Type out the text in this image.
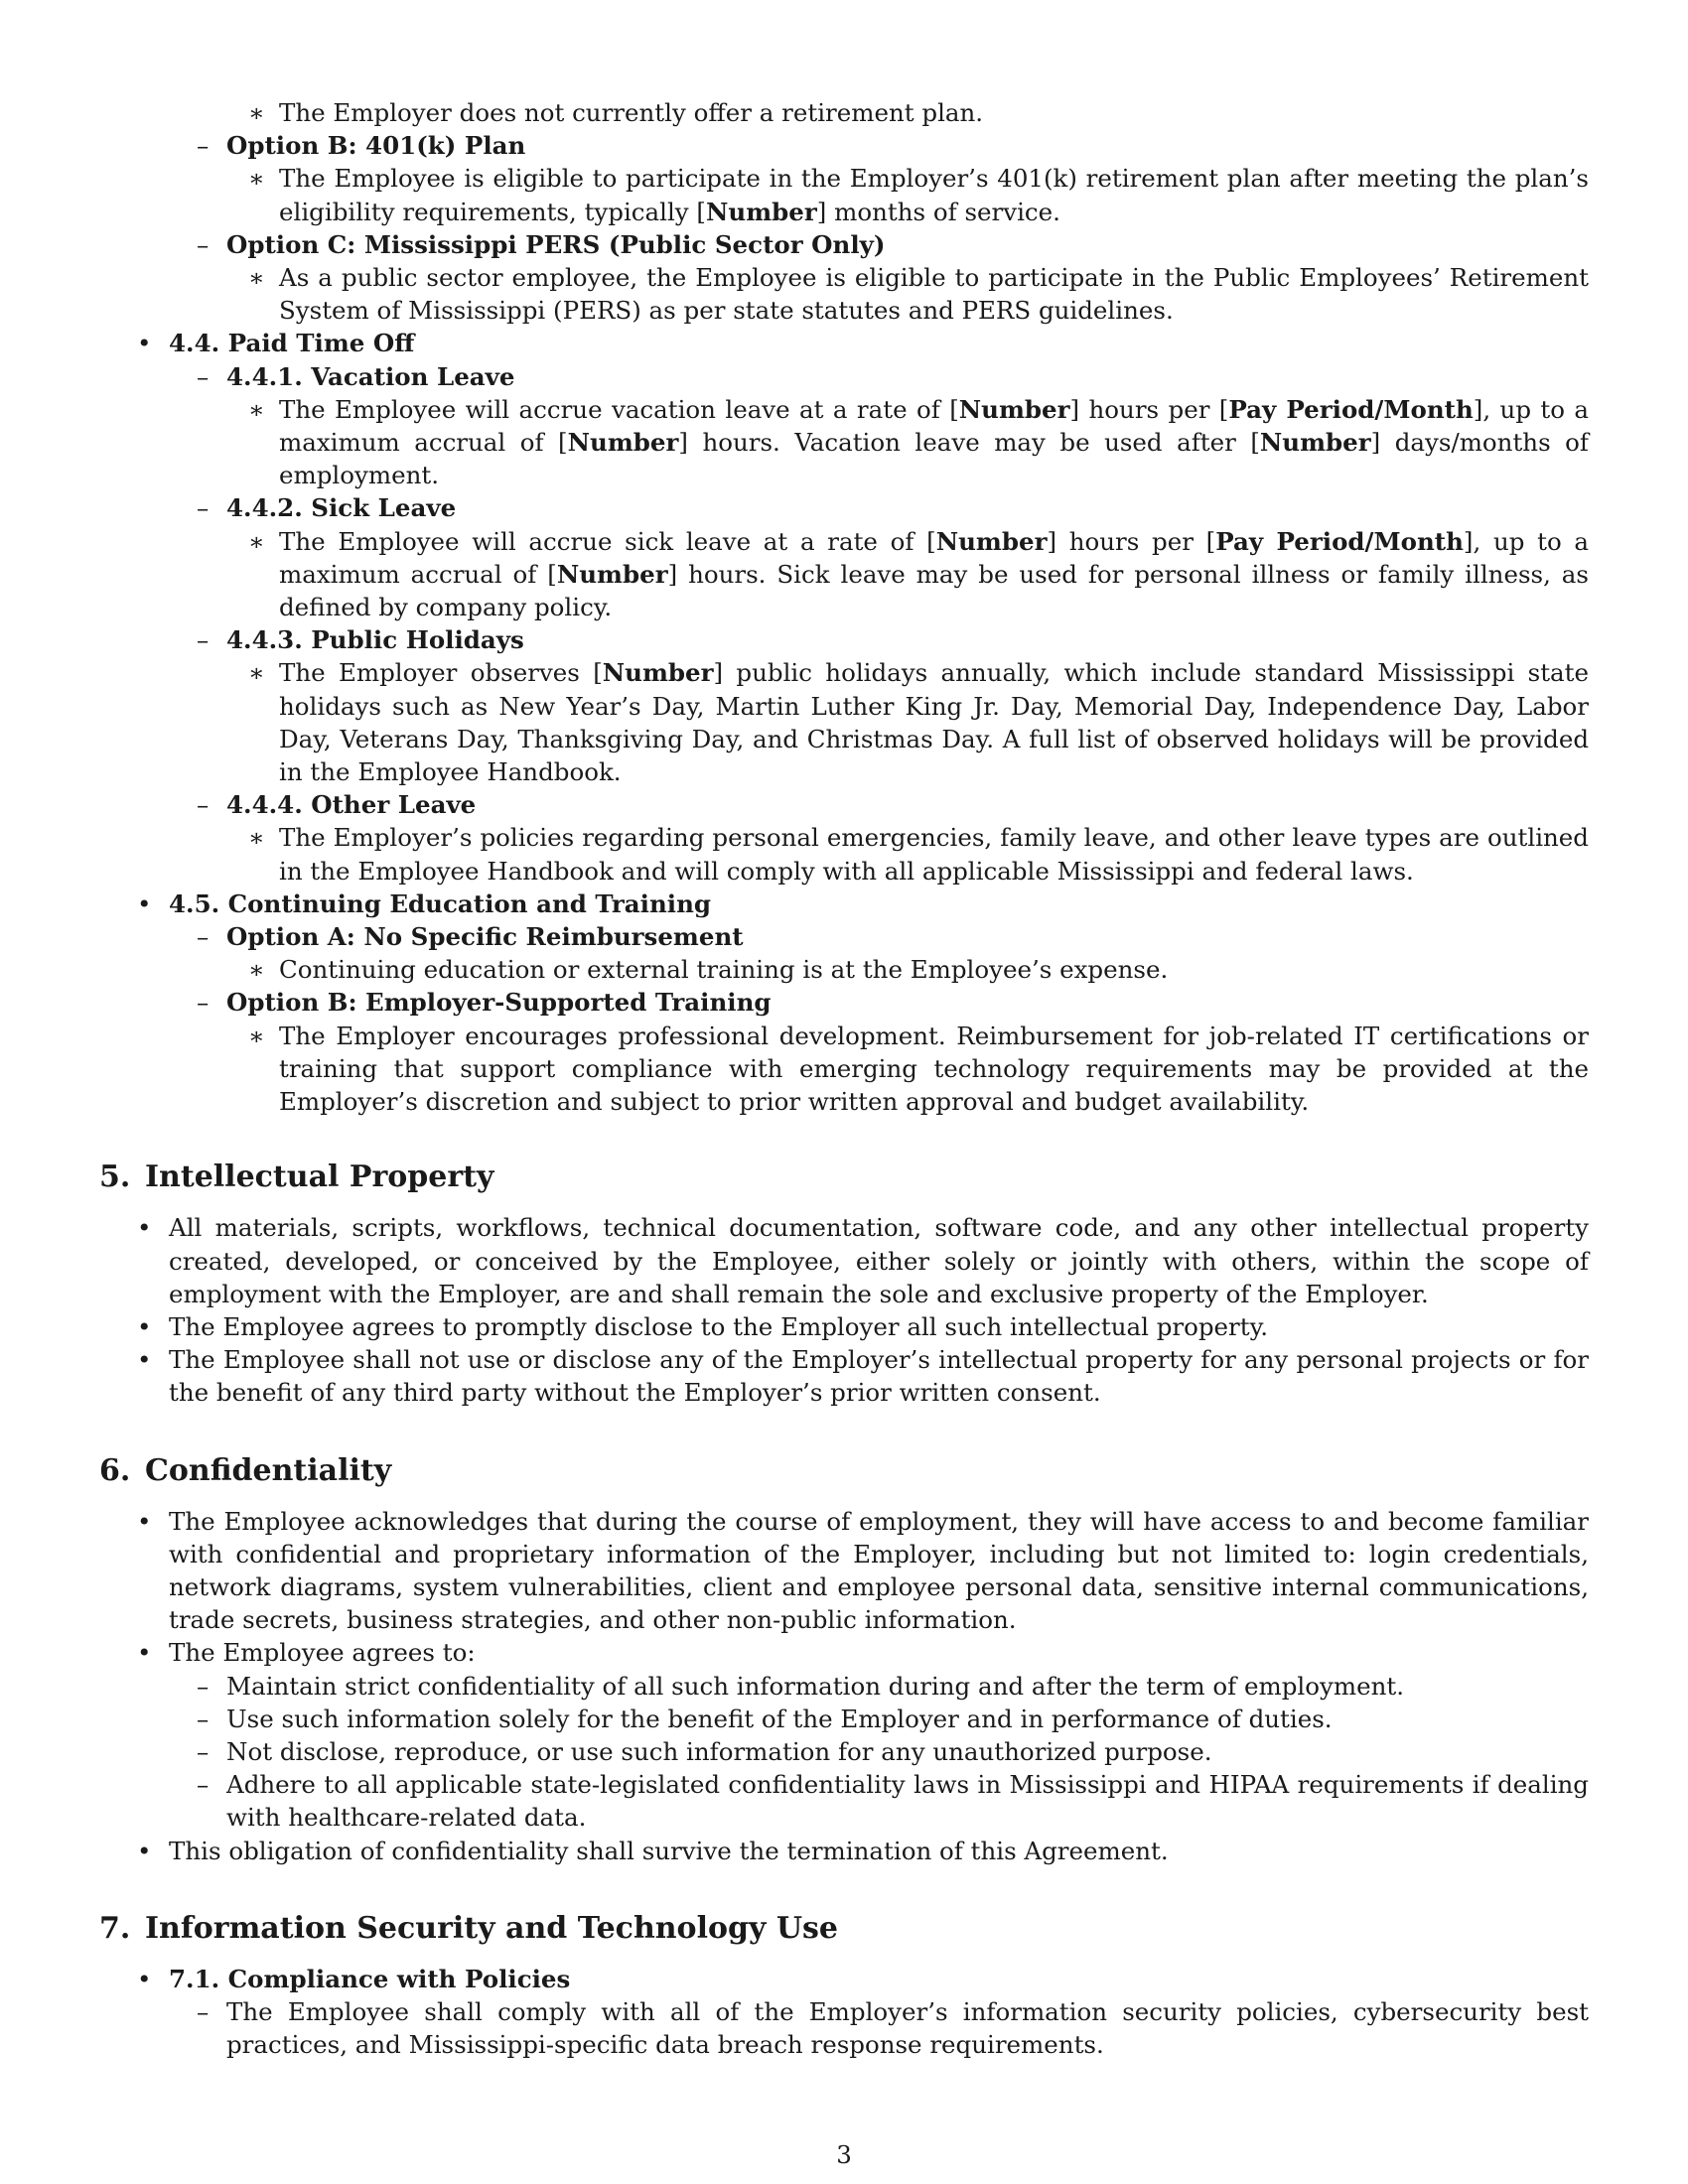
∗ The Employer does not currently offer a retirement plan.
– Option B: 401(k) Plan
∗ The Employee is eligible to participate in the Employer’s 401(k) retirement plan after meeting the plan’s eligibility requirements, typically [Number] months of service.
– Option C: Mississippi PERS (Public Sector Only)
∗ As a public sector employee, the Employee is eligible to participate in the Public Employees’ Retirement System of Mississippi (PERS) as per state statutes and PERS guidelines.
• 4.4. Paid Time Off
– 4.4.1. Vacation Leave
∗ The Employee will accrue vacation leave at a rate of [Number] hours per [Pay Period/Month], up to a maximum accrual of [Number] hours. Vacation leave may be used after [Number] days/months of employment.
– 4.4.2. Sick Leave
∗ The Employee will accrue sick leave at a rate of [Number] hours per [Pay Period/Month], up to a maximum accrual of [Number] hours. Sick leave may be used for personal illness or family illness, as defined by company policy.
– 4.4.3. Public Holidays
∗ The Employer observes [Number] public holidays annually, which include standard Mississippi state holidays such as New Year’s Day, Martin Luther King Jr. Day, Memorial Day, Independence Day, Labor Day, Veterans Day, Thanksgiving Day, and Christmas Day. A full list of observed holidays will be provided in the Employee Handbook.
– 4.4.4. Other Leave
∗ The Employer’s policies regarding personal emergencies, family leave, and other leave types are outlined in the Employee Handbook and will comply with all applicable Mississippi and federal laws.
• 4.5. Continuing Education and Training
– Option A: No Specific Reimbursement
∗ Continuing education or external training is at the Employee’s expense.
– Option B: Employer-Supported Training
∗ The Employer encourages professional development. Reimbursement for job-related IT certifications or training that support compliance with emerging technology requirements may be provided at the Employer’s discretion and subject to prior written approval and budget availability.
5. Intellectual Property
• All materials, scripts, workflows, technical documentation, software code, and any other intellectual property created, developed, or conceived by the Employee, either solely or jointly with others, within the scope of employment with the Employer, are and shall remain the sole and exclusive property of the Employer.
• The Employee agrees to promptly disclose to the Employer all such intellectual property.
• The Employee shall not use or disclose any of the Employer’s intellectual property for any personal projects or for the benefit of any third party without the Employer’s prior written consent.
6. Confidentiality
• The Employee acknowledges that during the course of employment, they will have access to and become familiar with confidential and proprietary information of the Employer, including but not limited to: login credentials, network diagrams, system vulnerabilities, client and employee personal data, sensitive internal communications, trade secrets, business strategies, and other non-public information.
• The Employee agrees to:
– Maintain strict confidentiality of all such information during and after the term of employment.
– Use such information solely for the benefit of the Employer and in performance of duties.
– Not disclose, reproduce, or use such information for any unauthorized purpose.
– Adhere to all applicable state-legislated confidentiality laws in Mississippi and HIPAA requirements if dealing with healthcare-related data.
• This obligation of confidentiality shall survive the termination of this Agreement.
7. Information Security and Technology Use
• 7.1. Compliance with Policies
– The Employee shall comply with all of the Employer’s information security policies, cybersecurity best practices, and Mississippi-specific data breach response requirements.
3
